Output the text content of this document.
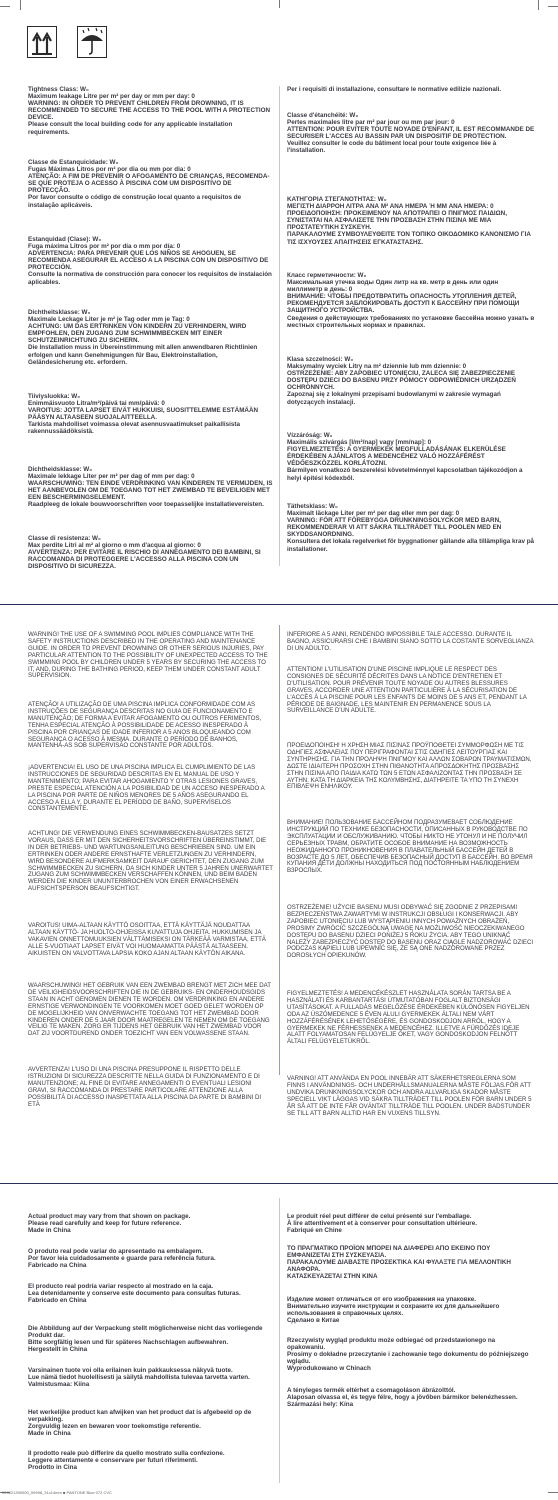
Tightness Class: W₀
Maximum leakage Litre per m² per day or mm per day: 0
WARNING: IN ORDER TO PREVENT CHILDREN FROM DROWNING, IT IS RECOMMENDED TO SECURE THE ACCESS TO THE POOL WITH A PROTECTION DEVICE.
Please consult the local building code for any applicable installation requirements.
Classe de Estanquicidade: W₀
Fugas Máximas Litros por m² por dia ou mm por dia: 0
ATENÇÃO: A FIM DE PREVENIR O AFOGAMENTO DE CRIANÇAS, RECOMENDA-SE QUE PROTEJA O ACESSO À PISCINA COM UM DISPOSITIVO DE PROTECÇÃO.
Por favor consulte o código de construção local quanto a requisitos de instalação aplicáveis.
Estanquidad (Clase): W₀
Fuga máxima Litros por m² por día o mm por día: 0
ADVERTENCIA: PARA PREVENIR QUE LOS NIÑOS SE AHOGUEN, SE RECOMIENDA ASEGURAR EL ACCESO A LA PISCINA CON UN DISPOSITIVO DE PROTECCIÓN.
Consulte la normativa de construcción para conocer los requisitos de instalación aplicables.
Dichtheitsklasse: W₀
Maximale Leckage Liter je m² je Tag oder mm je Tag: 0
ACHTUNG: UM DAS ERTRINKEN VON KINDERN ZU VERHINDERN, WIRD EMPFOHLEN, DEN ZUGANG ZUM SCHWIMMBECKEN MIT EINER SCHUTZEINRICHTUNG ZU SICHERN.
Die Installation muss in Übereinstimmung mit allen anwendbaren Richtlinien erfolgen und kann Genehmigungen für Bau, Elektroinstallation, Geländesicherung etc. erfordern.
Tiiviysluokka: W₀
Enimmäisvuoto Litra/m²/päivä tai mm/päivä: 0
VAROITUS: JOTTA LAPSET EIVÄT HUKKUISI, SUOSITTELEMME ESTÄMÄÄN PÄÄSYN ALTAASEEN SUOJALAITTEELLA.
Tarkista mahdolliset voimassa olevat asennusvaatimukset paikallisista rakennussäädöksistä.
Dichtheidsklasse: W₀
Maximale lekkage Liter per m² per dag of mm per dag: 0
WAARSCHUWING: TEN EINDE VERDRINKING VAN KINDEREN TE VERMIJDEN, IS HET AANBEVOLEN OM DE TOEGANG TOT HET ZWEMBAD TE BEVEILIGEN MET EEN BESCHERMINGSELEMENT.
Raadpleeg de lokale bouwvoorschriften voor toepasselijke installatievereisten.
Classe di resistenza: W₀
Max perdite Litri al m² al giorno o mm d'acqua al giorno: 0
AVVERTENZA: PER EVITARE IL RISCHIO DI ANNEGAMENTO DEI BAMBINI, SI RACCOMANDA DI PROTEGGERE L'ACCESSO ALLA PISCINA CON UN DISPOSITIVO DI SICUREZZA.
Per i requisiti di installazione, consultare le normative edilizie nazionali.
Classe d'étanchéité: W₀
Pertes maximales litre par m² par jour ou mm par jour: 0
ATTENTION: POUR EVITER TOUTE NOYADE D'ENFANT, IL EST RECOMMANDE DE SECURISER L'ACCES AU BASSIN PAR UN DISPOSITIF DE PROTECTION.
Veuillez consulter le code du bâtiment local pour toute exigence liée à l'installation.
ΚΑΤΗΓΟΡΙΑ ΣΤΕΓΑΝΟΤΗΤΑΣ: W₀
ΜΕΓΙΣΤΗ ΔΙΑΡΡΟΗ ΛΙΤΡΑ ΑΝΑ Μ² ΑΝΑ ΗΜΕΡΑ Ή ΜΜ ΑΝΑ ΗΜΕΡΑ: 0
ΠΡΟΕΙΔΟΠΟΙΗΣΗ: ΠΡΟΚΕΙΜΕΝΟΥ ΝΑ ΑΠΟΤΡΑΠΕΙ Ο ΠΝΙΓΜΟΣ ΠΑΙΔΙΩΝ, ΣΥΝΙΣΤΑΤΑΙ ΝΑ ΑΣΦΑΛΙΣΕΤΕ ΤΗΝ ΠΡΟΣΒΑΣΗ ΣΤΗΝ ΠΙΣΙΝΑ ΜΕ ΜΙΑ ΠΡΟΣΤΑΤΕΥΤΙΚΗ ΣΥΣΚΕΥΗ.
ΠΑΡΑΚΑΛΟΥΜΕ ΣΥΜΒΟΥΛΕΥΘΕΙΤΕ ΤΟΝ ΤΟΠΙΚΟ ΟΙΚΟΔΟΜΙΚΟ ΚΑΝΟΝΙΣΜΟ ΓΙΑ ΤΙΣ ΙΣΧΥΟΥΣΕΣ ΑΠΑΙΤΗΣΕΙΣ ΕΓΚΑΤΑΣΤΑΣΗΣ.
Класс герметичности: W₀
Максимальная утечка воды Один литр на кв. метр в день или один миллиметр в день: 0
ВНИМАНИЕ: ЧТОБЫ ПРЕДОТВРАТИТЬ ОПАСНОСТЬ УТОПЛЕНИЯ ДЕТЕЙ, РЕКОМЕНДУЕТСЯ ЗАБЛОКИРОВАТЬ ДОСТУП К БАССЕЙНУ ПРИ ПОМОЩИ ЗАЩИТНОГО УСТРОЙСТВА.
Сведения о действующих требованиях по установке бассейна можно узнать в местных строительных нормах и правилах.
Klasa szczelności: W₀
Maksymalny wyciek Litry na m² dziennie lub mm dziennie: 0
OSTRZEŻENIE: ABY ZAPOBIEC UTONIĘCIU, ZALECA SIĘ ZABEZPIECZENIE DOSTĘPU DZIECI DO BASENU PRZY POMOCY ODPOWIEDNICH URZĄDZEŃ OCHRONNYCH.
Zapoznaj się z lokalnymi przepisami budowlanymi w zakresie wymagań dotyczących instalacji.
Vízzáróság: W₀
Maximális szivárgás [l/m²/nap] vagy [mm/nap]: 0
FIGYELMEZTETÉS: A GYERMEKEK MEGFULLADÁSÁNAK ELKERÜLÉSE ÉRDEKÉBEN AJÁNLATOS A MEDENCÉHEZ VALÓ HOZZÁFÉRÉST VÉDŐESZKÖZZEL KORLÁTOZNI.
Bármilyen vonatkozó beszerelési követelménnyel kapcsolatban tájékozódjon a helyi építési kódexből.
Täthetsklass: W₀
Maximalt läckage Liter per m² per dag eller mm per dag: 0
VARNING: FÖR ATT FÖREBYGGA DRUNKNINGSOLYCKOR MED BARN, REKOMMENDERAR VI ATT SÄKRA TILLTRÄDET TILL POOLEN MED EN SKYDDSANORDNING.
Konsultera det lokala regelverket för byggnationer gällande alla tillämpliga krav på installationer.
WARNING! THE USE OF A SWIMMING POOL IMPLIES COMPLIANCE WITH THE SAFETY INSTRUCTIONS DESCRIBED IN THE OPERATING AND MAINTENANCE GUIDE. IN ORDER TO PREVENT DROWNING OR OTHER SERIOUS INJURIES, PAY PARTICULAR ATTENTION TO THE POSSIBILITY OF UNEXPECTED ACCESS TO THE SWIMMING POOL BY CHILDREN UNDER 5 YEARS BY SECURING THE ACCESS TO IT, AND, DURING THE BATHING PERIOD, KEEP THEM UNDER CONSTANT ADULT SUPERVISION.
ATENÇÃO! A UTILIZAÇÃO DE UMA PISCINA IMPLICA CONFORMIDADE COM AS INSTRUÇÕES DE SEGURANÇA DESCRITAS NO GUIA DE FUNCIONAMENTO E MANUTENÇÃO; DE FORMA A EVITAR AFOGAMENTO OU OUTROS FERIMENTOS, TENHA ESPECIAL ATENÇÃO À POSSIBILIDADE DE ACESSO INESPERADO À PISCINA POR CRIANÇAS DE IDADE INFERIOR A 5 ANOS BLOQUEANDO COM SEGURANÇA O ACESSO À MESMA. DURANTE O PERÍODO DE BANHOS, MANTENHA-AS SOB SUPERVISÃO CONSTANTE POR ADULTOS.
¡ADVERTENCIA! EL USO DE UNA PISCINA IMPLICA EL CUMPLIMIENTO DE LAS INSTRUCCIONES DE SEGURIDAD DESCRITAS EN EL MANUAL DE USO Y MANTENIMIENTO; PARA EVITAR AHOGAMIENTO Y OTRAS LESIONES GRAVES, PRESTE ESPECIAL ATENCIÓN A LA POSIBILIDAD DE UN ACCESO INESPERADO A LA PISCINA POR PARTE DE NIÑOS MENORES DE 5 AÑOS ASEGURANDO EL ACCESO A ELLA Y, DURANTE EL PERÍODO DE BAÑO, SUPERVÍSELOS CONSTANTEMENTE.
ACHTUNG! DIE VERWENDUNG EINES SCHWIMMBECKEN-BAUSATZES SETZT VORAUS, DASS ER MIT DEN SICHERHEITSVORSCHRIFTEN ÜBEREINSTIMMT, DIE IN DER BETRIEBS- UND WARTUNGSANLEITUNG BESCHRIEBEN SIND. UM EIN ERTRINKEN ODER ANDERE ERNSTHAFTE VERLETZUNGEN ZU VERHINDERN, WIRD BESONDERE AUFMERKSAMKEIT DARAUF GERICHTET, DEN ZUGANG ZUM SCHWIMMBECKEN ZU SICHERN, DA SICH KINDER UNTER 5 JAHREN UNERWARTET ZUGANG ZUM SCHWIMMBECKEN VERSCHAFFEN KÖNNEN, UND BEIM BADEN WERDEN DIE KINDER UNUNTERBROCHEN VON EINER ERWACHSENEN AUFSICHTSPERSON BEAUFSICHTIGT.
VAROITUS! UIMA-ALTAAN KÄYTTÖ OSOITTAA, ETTÄ KÄYTTÄJÄ NOUDATTAA ALTAAN KÄYTTÖ- JA HUOLTO-OHJEISSA KUVATTUJA OHJEITA. HUKKUMISEN JA VAKAVIEN ONNETTOMUUKSIEN VÄLTTÄMISEKSI ON TÄRKEÄÄ VARMISTAA, ETTÄ ALLE 5-VUOTIAAT LAPSET EIVÄT VOI HUOMAAMATTA PÄÄSTÄ ALTAASEEN. AIKUISTEN ON VALVOTTAVA LAPSIA KOKO AJAN ALTAAN KÄYTÖN AIKANA.
WAARSCHUWING! HET GEBRUIK VAN EEN ZWEMBAD BRENGT MET ZICH MEE DAT DE VEILIGHEIDSVOORSCHRIFTEN DIE IN DE GEBRUIKS- EN ONDERHOUDSGIDS STAAN IN ACHT GENOMEN DIENEN TE WORDEN. OM VERDRINKING EN ANDERE ERNSTIGE VERWONDINGEN TE VOORKOMEN MOET GOED GELET WORDEN OP DE MOGELIJKHEID VAN ONVERWACHTE TOEGANG TOT HET ZWEMBAD DOOR KINDEREN ONDER DE 5 JAAR DOOR MAATREGELEN TE NEMEN OM DE TOEGANG VEILIG TE MAKEN. ZORG ER TIJDENS HET GEBRUIK VAN HET ZWEMBAD VOOR DAT ZIJ VOORTDUREND ONDER TOEZICHT VAN EEN VOLWASSENE STAAN.
AVVERTENZA! L'USO DI UNA PISCINA PRESUPPONE IL RISPETTO DELLE ISTRUZIONI DI SICUREZZA DESCRITTE NELLA GUIDA DI FUNZIONAMENTO E DI MANUTENZIONE; AL FINE DI EVITARE ANNEGAMENTI O EVENTUALI LESIONI GRAVI, SI RACCOMANDA DI PRESTARE PARTICOLARE ATTENZIONE ALLA POSSIBILITÀ DI ACCESSO INASPETTATA ALLA PISCINA DA PARTE DI BAMBINI DI ETÀ
INFERIORE A 5 ANNI, RENDENDO IMPOSSIBILE TALE ACCESSO. DURANTE IL BAGNO, ASSICURARSI CHE I BAMBINI SIANO SOTTO LA COSTANTE SORVEGLIANZA DI UN ADULTO.
ATTENTION! L'UTILISATION D'UNE PISCINE IMPLIQUE LE RESPECT DES CONSIGNES DE SÉCURITÉ DÉCRITES DANS LA NOTICE D'ENTRETIEN ET D'UTILISATION. POUR PRÉVENIR TOUTE NOYADE OU AUTRES BLESSURES GRAVES, ACCORDER UNE ATTENTION PARTICULIÈRE À LA SÉCURISATION DE L'ACCÈS À LA PISCINE POUR LES ENFANTS DE MOINS DE 5 ANS ET, PENDANT LA PÉRIODE DE BAIGNADE, LES MAINTENIR EN PERMANENCE SOUS LA SURVEILLANCE D'UN ADULTE.
ΠΡΟΕΙΔΟΠΟΙΗΣΗ! Η ΧΡΗΣΗ ΜΙΑΣ ΠΙΣΙΝΑΣ ΠΡΟΫΠΟΘΕΤΕΙ ΣΥΜΜΟΡΦΩΣΗ ΜΕ ΤΙΣ ΟΔΗΓΙΕΣ ΑΣΦΑΛΕΙΑΣ ΠΟΥ ΠΕΡΙΓΡΑΦΟΝΤΑΙ ΣΤΙΣ ΟΔΗΓΙΕΣ ΛΕΙΤΟΥΡΓΙΑΣ ΚΑΙ ΣΥΝΤΗΡΗΣΗΣ. ΓΙΑ ΤΗΝ ΠΡΟΛΗΨΗ ΠΝΙΓΜΟΥ ΚΑΙ ΑΛΛΩΝ ΣΟΒΑΡΩΝ ΤΡΑΥΜΑΤΙΣΜΩΝ, ΔΩΣΤΕ ΙΔΙΑΙΤΕΡΗ ΠΡΟΣΟΧΗ ΣΤΗΝ ΠΙΘΑΝΟΤΗΤΑ ΑΠΡΟΣΔΟΚΗΤΗΣ ΠΡΟΣΒΑΣΗΣ ΣΤΗΝ ΠΙΣΙΝΑ ΑΠΟ ΠΑΙΔΙΑ ΚΑΤΩ ΤΩΝ 5 ΕΤΩΝ ΑΣΦΑΛΙΖΟΝΤΑΣ ΤΗΝ ΠΡΟΣΒΑΣΗ ΣΕ ΑΥΤΗΝ. ΚΑΤΑ ΤΗ ΔΙΑΡΚΕΙΑ ΤΗΣ ΚΟΛΥΜΒΗΣΗΣ, ΔΙΑΤΗΡΕΙΤΕ ΤΑ ΥΠΟ ΤΗ ΣΥΝΕΧΗ ΕΠΙΒΛΕΨΗ ΕΝΗΛΙΚΟΥ.
ВНИМАНИЕ! ПОЛЬЗОВАНИЕ БАССЕЙНОМ ПОДРАЗУМЕВАЕТ СОБЛЮДЕНИЕ ИНСТРУКЦИЙ ПО ТЕХНИКЕ БЕЗОПАСНОСТИ, ОПИСАННЫХ В РУКОВОДСТВЕ ПО ЭКСПЛУАТАЦИИ И ОБСЛУЖИВАНИЮ. ЧТОБЫ НИКТО НЕ УТОНУЛ И НЕ ПОЛУЧИЛ СЕРЬЕЗНЫХ ТРАВМ, ОБРАТИТЕ ОСОБОЕ ВНИМАНИЕ НА ВОЗМОЖНОСТЬ НЕОЖИДАННОГО ПРОНИКНОВЕНИЯ В ПЛАВАТЕЛЬНЫЙ БАССЕЙН ДЕТЕЙ В ВОЗРАСТЕ ДО 5 ЛЕТ, ОБЕСПЕЧИВ БЕЗОПАСНЫЙ ДОСТУП В БАССЕЙН. ВО ВРЕМЯ КУПАНИЯ ДЕТИ ДОЛЖНЫ НАХОДИТЬСЯ ПОД ПОСТОЯННЫМ НАБЛЮДЕНИЕМ ВЗРОСЛЫХ.
OSTRZEŻENIE! UŻYCIE BASENU MUSI ODBYWAĆ SIĘ ZGODNIE Z PRZEPISAMI BEZPIECZEŃSTWA ZAWARTYMI W INSTRUKCJI OBSŁUGI I KONSERWACJI. ABY ZAPOBIEC UTONIĘCIU LUB WYSTĄPIENIU INNYCH POWAŻNYCH OBRAŻEŃ, PROSIMY ZWRÓCIĆ SZCZEGÓLNĄ UWAGĘ NA MOŻLIWOŚĆ NIEOCZEKIWANEGO DOSTĘPU DO BASENU DZIECI PONIŻEJ 5 ROKU ŻYCIA. ABY TEGO UNIKNĄĆ NALEŻY ZABEZPIECZYĆ DOSTĘP DO BASENU ORAZ CIĄGLE NADZOROWAĆ DZIECI PODCZAS KĄPIELI LUB UPEWNIĆ SIĘ, ŻE SĄ ONE NADZOROWANE PRZEZ DOROSŁYCH OPIEKUNÓW.
FIGYELMEZTETÉS! A MEDENCÉKÉSZLET HASZNÁLATA SORÁN TARTSA BE A HASZNÁLATI ÉS KARBANTARTÁSI ÚTMUTATÓBAN FOGLALT BIZTONSÁGI UTASÍTÁSOKAT. A FULLADÁS MEGELŐZÉSE ÉRDEKÉBEN KÜLÖNÖSEN FIGYELJEN ODA AZ ÚSZÓMEDENCE 5 ÉVEN ALULI GYERMEKEK ÁLTALI NEM VÁRT HOZZÁFÉRÉSÉNEK LEHETŐSÉGÉRE, ÉS GONDOSKODJON ARRÓL, HOGY A GYERMEKEK NE FÉRHESSENEK A MEDENCÉHEZ. ILLETVE A FÜRDŐZÉS IDEJE ALATT FOLYAMATOSAN FELÜGYELJE ŐKET, VAGY GONDOSKODJON FELNŐTT ÁLTALI FELÜGYELETÜKRŐL.
VARNING! ATT ANVÄNDA EN POOL INNEBÄR ATT SÄKERHETSREGLERNA SOM FINNS I ANVÄNDNINGS- OCH UNDERHÅLLSMANUALERNA MÅSTE FÖLJAS.FÖR ATT UNDVIKA DRUNKNINGSOLYCKOR OCH ANDRA ALLVARLIGA SKADOR MÅSTE SPECIELL VIKT LÄGGAS VID SÄKRA TILLTRÄDET TILL POOLEN FÖR BARN UNDER 5 ÅR SÅ ATT DE INTE FÅR OVÄNTAT TILLTRÄDE TILL POOLEN. UNDER BADSTUNDER SE TILL ATT BARN ALLTID HAR EN VUXENS TILLSYN.
Actual product may vary from that shown on package.
Please read carefully and keep for future reference.
Made in China
O produto real pode variar do apresentado na embalagem.
Por favor leia cuidadosamente e guarde para referência futura.
Fabricado na China
El producto real podría variar respecto al mostrado en la caja.
Lea detenidamente y conserve este documento para consultas futuras.
Fabricado en China
Die Abbildung auf der Verpackung stellt möglicherweise nicht das vorliegende Produkt dar.
Bitte sorgfältig lesen und für späteres Nachschlagen aufbewahren.
Hergestellt in China
Varsinainen tuote voi olla erilainen kuin pakkauksessa näkyvä tuote.
Lue nämä tiedot huolellisesti ja säilytä mahdollista tulevaa tarvetta varten.
Valmistusmaa: Kiina
Het werkelijke product kan afwijken van het product dat is afgebeeld op de verpakking.
Zorgvuldig lezen en bewaren voor toekomstige referentie.
Made in China
Il prodotto reale può differire da quello mostrato sulla confezione.
Leggere attentamente e conservare per futuri riferimenti.
Prodotto in Cina
Le produit réel peut différer de celui présenté sur l'emballage.
À lire attentivement et à conserver pour consultation ultérieure.
Fabriqué en Chine
ΤΟ ΠΡΑΓΜΑΤΙΚΟ ΠΡΟΪΟΝ ΜΠΟΡΕΙ ΝΑ ΔΙΑΦΕΡΕΙ ΑΠΟ ΕΚΕΙΝΟ ΠΟΥ ΕΜΦΑΝΙΖΕΤΑΙ ΣΤΗ ΣΥΣΚΕΥΑΣΙΑ.
ΠΑΡΑΚΑΛΟΥΜΕ ΔΙΑΒΑΣΤΕ ΠΡΟΣΕΚΤΙΚΑ ΚΑΙ ΦΥΛΑΞΤΕ ΓΙΑ ΜΕΛΛΟΝΤΙΚΗ ΑΝΑΦΟΡΑ.
ΚΑΤΑΣΚΕΥΑΖΕΤΑΙ ΣΤΗΝ ΚΙΝΑ
Изделие может отличаться от его изображения на упаковке.
Внимательно изучите инструкции и сохраните их для дальнейшего использования в справочных целях.
Сделано в Китае
Rzeczywisty wygląd produktu może odbiegać od przedstawionego na opakowaniu.
Prosimy o dokładne przeczytanie i zachowanie tego dokumentu do późniejszego wglądu.
Wyprodukowano w Chinach
A tényleges termék eltérhet a csomagoláson ábrázolttól.
Alaposan olvassa el, és tegye félre, hogy a jövőben bármikor belenézhessen.
Származási hely: Kína
303021390000_09998_31x14mm ■ PANTONE Blue 072 CVC
